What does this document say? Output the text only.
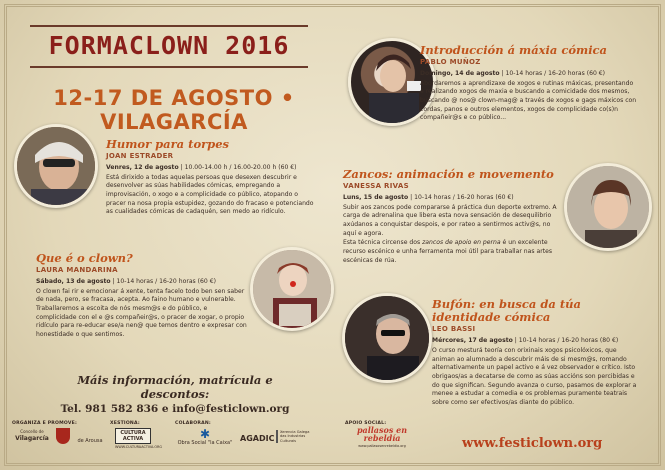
FORMACLOWN 2016
12-17 DE AGOSTO • VILAGARCÍA
Introducción á máxia cómica
PABLO MUÑOZ
Domingo, 14 de agosto | 10-14 horas / 16-20 horas (60 €)

Abordaremos a aprendizaxe de xogos e rutinas máxicas, presentando e realizando xogos de maxia e buscando a comicidade dos mesmos, buscando @ nos@ clown-mag@ a través de xogos e gags máxicos con cordas, panos e outros elementos, xogos de complicidade co(s)n compañeir@s e co público...

Humor para torpes
JOAN ESTRADER
Venres, 12 de agosto | 10.00-14.00 h / 16.00-20.00 h (60 €)

Está dirixido a todas aquelas persoas que desexen descubrir e desenvolver as súas habilidades cómicas, empregando a improvisación, o xogo e a complicidade co público, atopando o pracer na nosa propia estupidez, gozando do fracaso e potenciando as cualidades cómicas de cadaquén, sen medo ao ridículo.

Zancos: animación e movemento
VANESSA RIVAS
Luns, 15 de agosto | 10-14 horas / 16-20 horas (60 €)

Subir aos zancos pode compararse á práctica dun deporte extremo. A carga de adrenalina que libera esta nova sensación de desequilibrio axúdanos a conquistar despois, e por rateo a sentirmos activ@s, no aquí e agora.

Esta técnica circense dos zancos de apoio en perna é un excelente recurso escénico e unha ferramenta moi útil para traballar nas artes escénicas de rúa.

Que é o clown?
LAURA MANDARINA
Sábado, 13 de agosto | 10-14 horas / 16-20 horas (60 €)

O clown fai rir e emocionar á xente, tenta facelo todo ben sen saber de nada, pero, se fracasa, acepta. Ao faino humano e vulnerable. Traballaremos a escoita de nós mesm@s e do público, e complicidade con el e @s compañeir@s, o pracer de xogar, o propio ridículo para re-educar ese/a nen@ que temos dentro e expresar con honestidade o que sentimos.

Bufón: en busca da túa identidade cómica
LEO BASSI
Mércores, 17 de agosto | 10-14 horas / 16-20 horas (80 €)

O curso mesturá teoría con orixinais xogos psicolóxicos, que animan ao alumnado a descubrir máis de si mesm@s, romando alternativamente un papel activo e á vez observador e crítico. Isto obrigaos/as a decatarse de como as súas accións son percibidas e do que significan. Segundo avanza o curso, pasamos de explorar a menee a estudar a comedia e os problemas puramente teatrais sobre como ser efectivos/as diante do público.

Máis información, matrícula e descontos:
Tel. 981 582 836 e info@festiclown.org
ORGANIZA E PROMOVE:	XESTIONA:	COLABORAN:	APOIO SOCIAL:
Concello de
Vilagarcía	de Arousa
CULTURA ACTIVA
WWW.CULTURAACTIVA.ORG
✱
Obra Social "la Caixa" AGADIC
Xerencia Galega das Industrias Culturais
pallasos en rebeldía
www.pallasosenrebeldia.org	www.festiclown.org
